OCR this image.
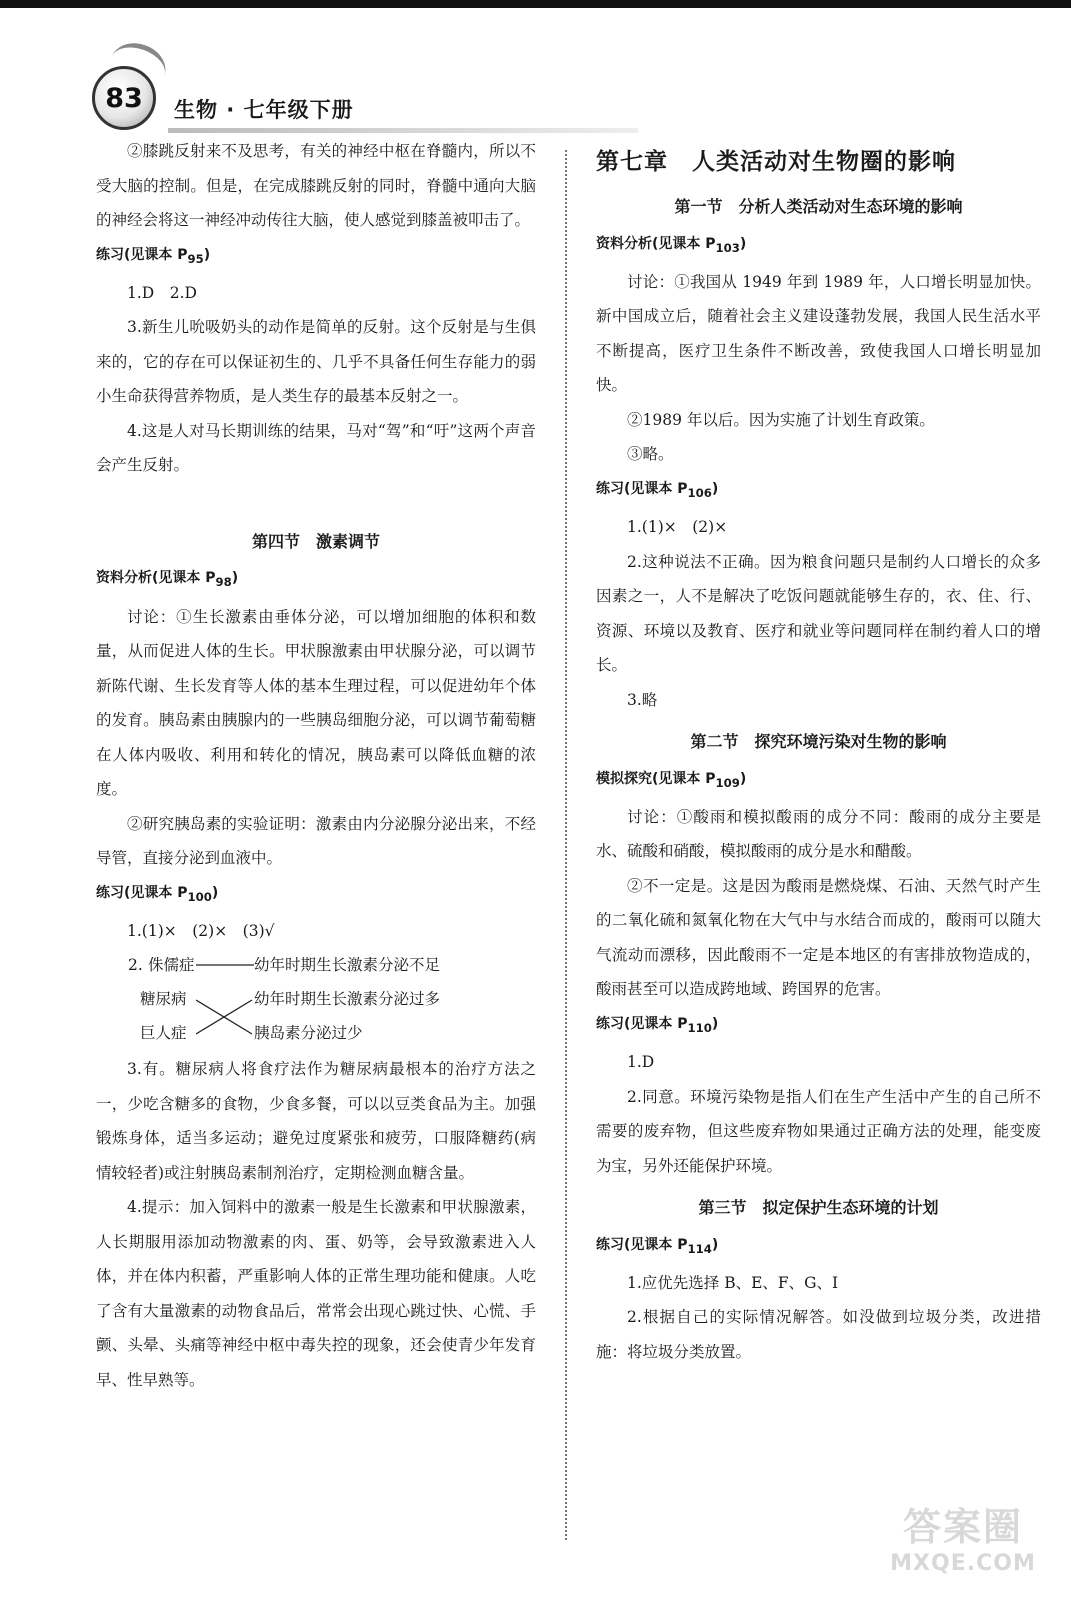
83	生物 · 七年级下册

②膝跳反射来不及思考，有关的神经中枢在脊髓内，所以不受大脑的控制。但是，在完成膝跳反射的同时，脊髓中通向大脑的神经会将这一神经冲动传往大脑，使人感觉到膝盖被叩击了。

练习(见课本 $P_{95}$)

1.D　2.D

3.新生儿吮吸奶头的动作是简单的反射。这个反射是与生俱来的，它的存在可以保证初生的、几乎不具备任何生存能力的弱小生命获得营养物质，是人类生存的最基本反射之一。

4.这是人对马长期训练的结果，马对“驾”和“吁”这两个声音会产生反射。

第四节　激素调节

资料分析(见课本 $P_{98}$)

讨论：①生长激素由垂体分泌，可以增加细胞的体积和数量，从而促进人体的生长。甲状腺激素由甲状腺分泌，可以调节新陈代谢、生长发育等人体的基本生理过程，可以促进幼年个体的发育。胰岛素由胰腺内的一些胰岛细胞分泌，可以调节葡萄糖在人体内吸收、利用和转化的情况，胰岛素可以降低血糖的浓度。

②研究胰岛素的实验证明：激素由内分泌腺分泌出来，不经导管，直接分泌到血液中。

练习(见课本 $P_{100}$)

1.(1)×　(2)×　(3)√

2. 侏儒症
糖尿病
巨人症
幼年时期生长激素分泌不足
幼年时期生长激素分泌过多
胰岛素分泌过少

3.有。糖尿病人将食疗法作为糖尿病最根本的治疗方法之一，少吃含糖多的食物，少食多餐，可以以豆类食品为主。加强锻炼身体，适当多运动；避免过度紧张和疲劳，口服降糖药(病情较轻者)或注射胰岛素制剂治疗，定期检测血糖含量。

4.提示：加入饲料中的激素一般是生长激素和甲状腺激素，人长期服用添加动物激素的肉、蛋、奶等，会导致激素进入人体，并在体内积蓄，严重影响人体的正常生理功能和健康。人吃了含有大量激素的动物食品后，常常会出现心跳过快、心慌、手颤、头晕、头痛等神经中枢中毒失控的现象，还会使青少年发育早、性早熟等。

第七章　人类活动对生物圈的影响

第一节　分析人类活动对生态环境的影响

资料分析(见课本 $P_{103}$)

讨论：①我国从 1949 年到 1989 年，人口增长明显加快。新中国成立后，随着社会主义建设蓬勃发展，我国人民生活水平不断提高，医疗卫生条件不断改善，致使我国人口增长明显加快。

②1989 年以后。因为实施了计划生育政策。

③略。

练习(见课本 $P_{106}$)

1.(1)×　(2)×

2.这种说法不正确。因为粮食问题只是制约人口增长的众多因素之一，人不是解决了吃饭问题就能够生存的，衣、住、行、资源、环境以及教育、医疗和就业等问题同样在制约着人口的增长。

3.略

第二节　探究环境污染对生物的影响

模拟探究(见课本 $P_{109}$)

讨论：①酸雨和模拟酸雨的成分不同：酸雨的成分主要是水、硫酸和硝酸，模拟酸雨的成分是水和醋酸。

②不一定是。这是因为酸雨是燃烧煤、石油、天然气时产生的二氧化硫和氮氧化物在大气中与水结合而成的，酸雨可以随大气流动而漂移，因此酸雨不一定是本地区的有害排放物造成的，酸雨甚至可以造成跨地域、跨国界的危害。

练习(见课本 $P_{110}$)

1.D

2.同意。环境污染物是指人们在生产生活中产生的自己所不需要的废弃物，但这些废弃物如果通过正确方法的处理，能变废为宝，另外还能保护环境。

第三节　拟定保护生态环境的计划

练习(见课本 $P_{114}$)

1.应优先选择 B、E、F、G、I

2.根据自己的实际情况解答。如没做到垃圾分类，改进措施：将垃圾分类放置。

答案圈
MXQE.COM
